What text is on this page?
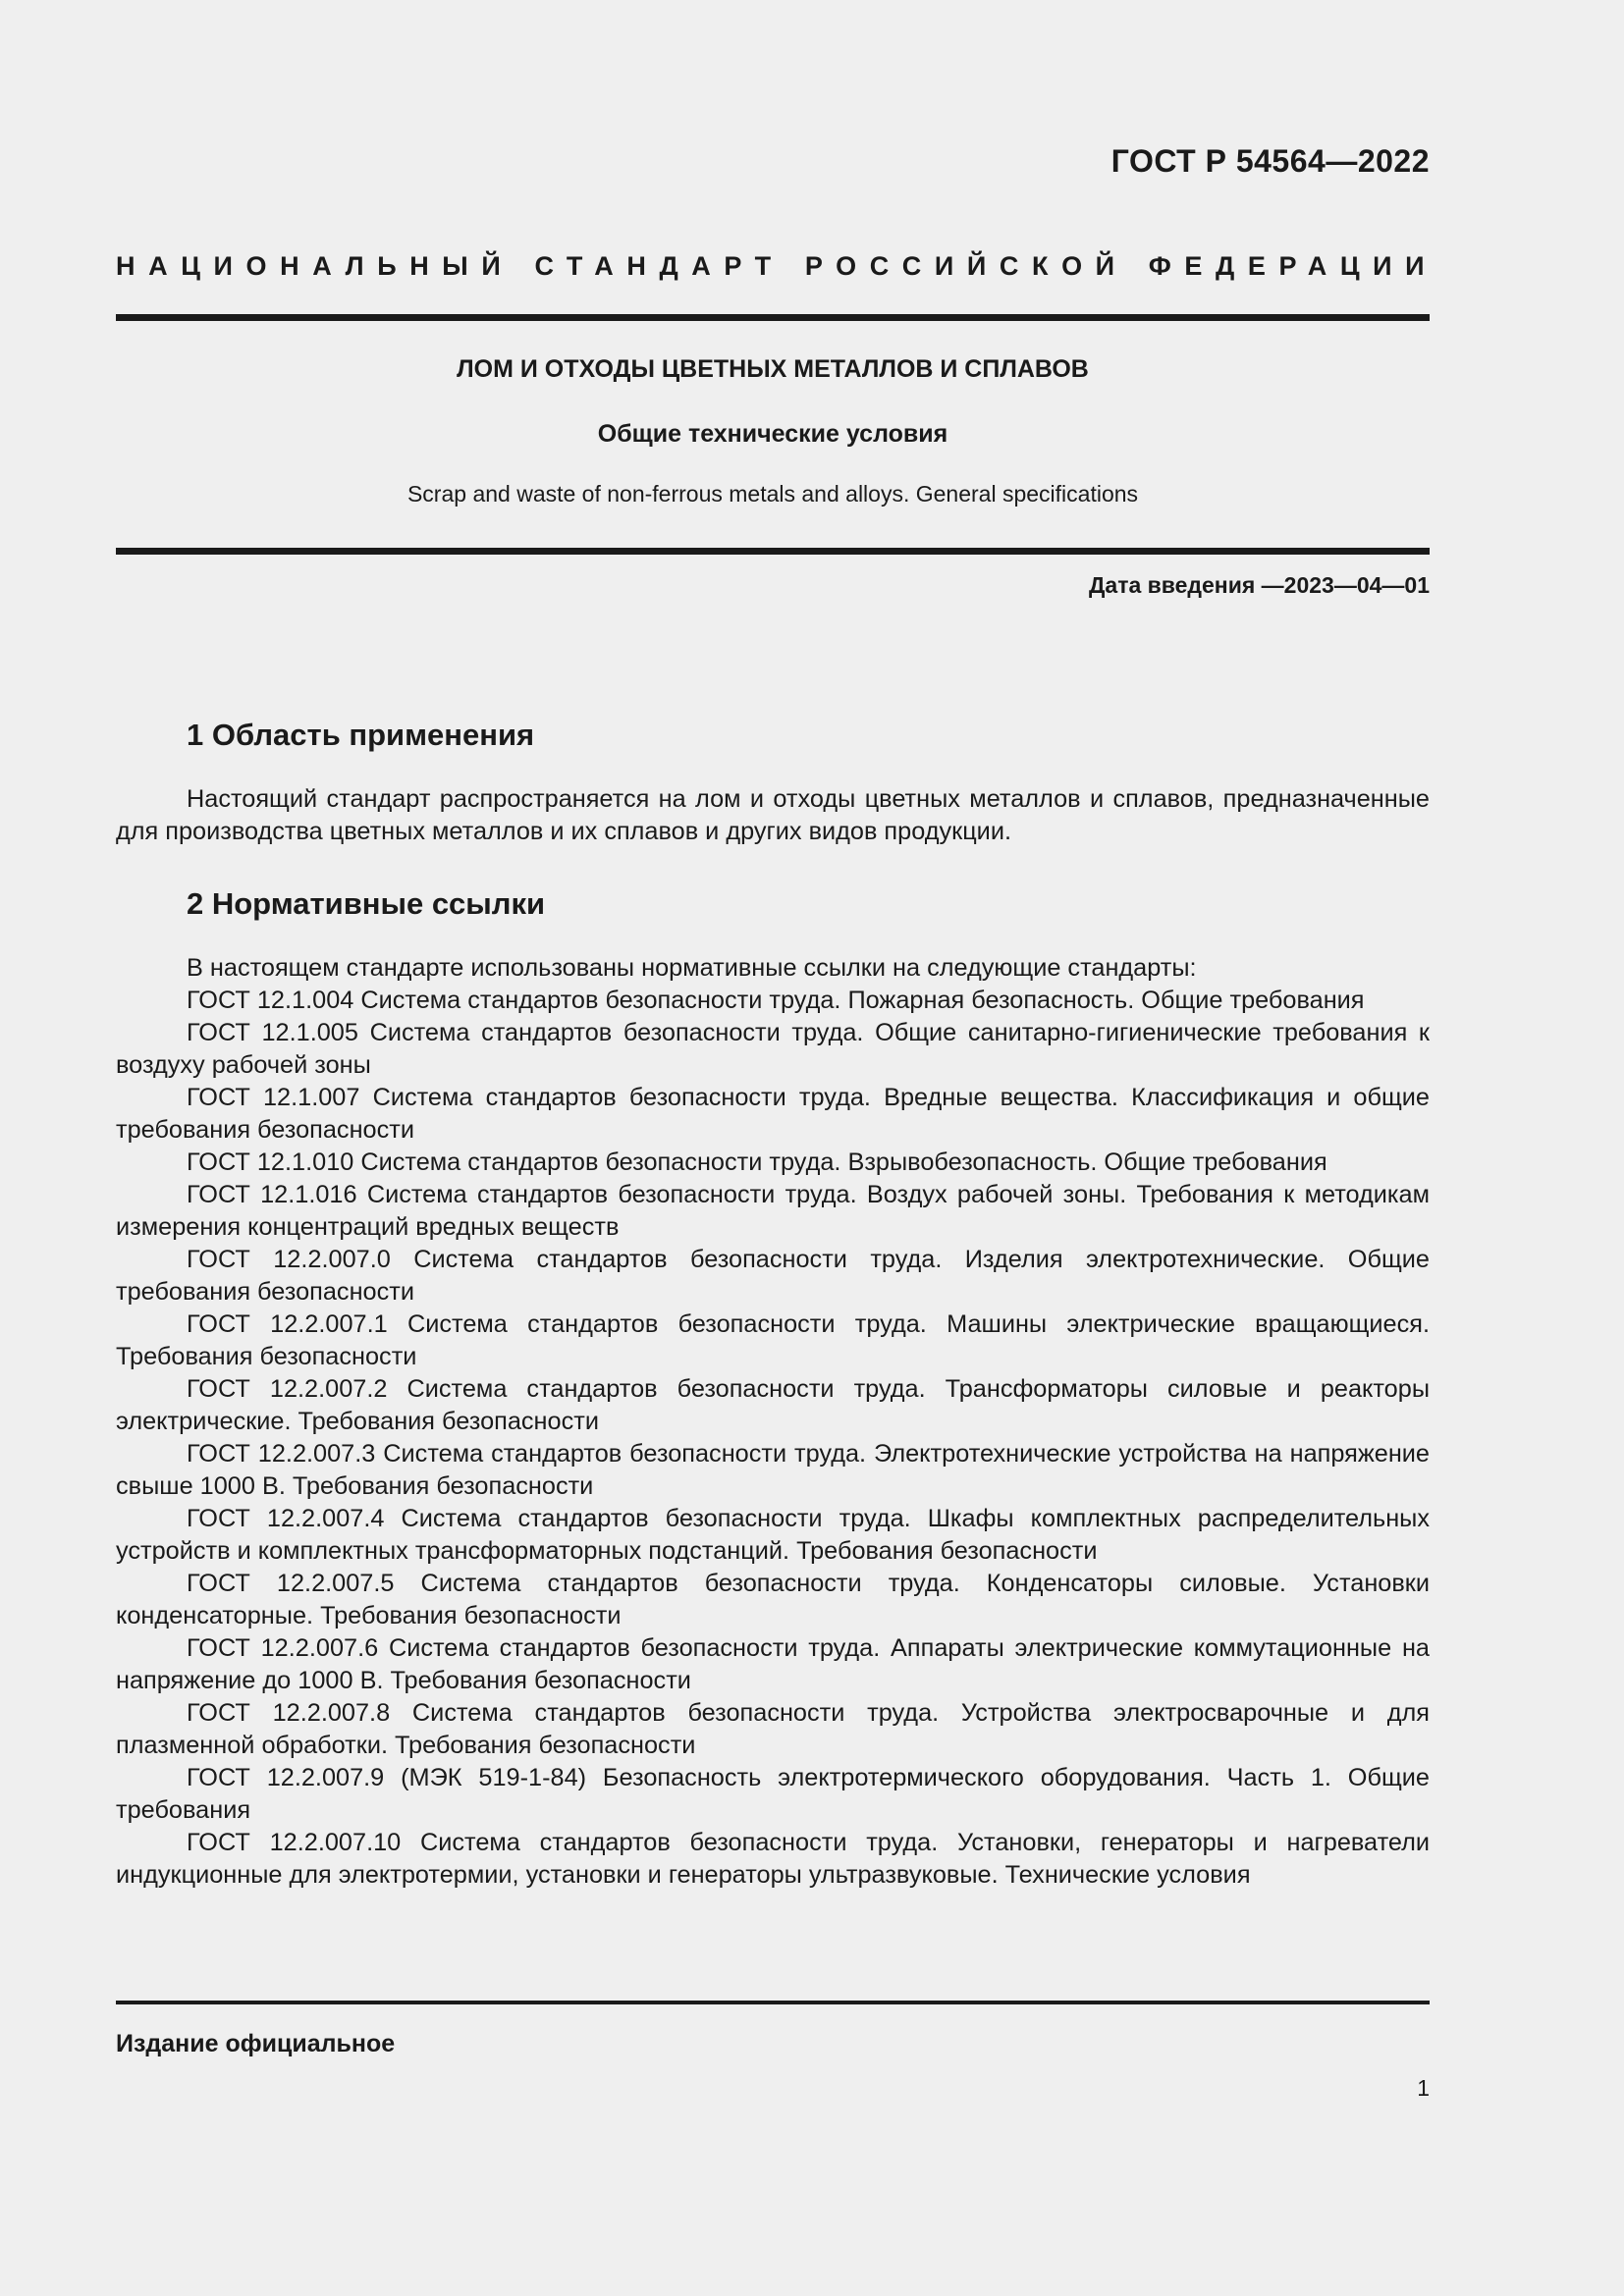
ГОСТ Р 54564—2022

НАЦИОНАЛЬНЫЙ СТАНДАРТ РОССИЙСКОЙ ФЕДЕРАЦИИ

ЛОМ И ОТХОДЫ ЦВЕТНЫХ МЕТАЛЛОВ И СПЛАВОВ

Общие технические условия

Scrap and waste of non-ferrous metals and alloys. General specifications

Дата введения —2023—04—01

1 Область применения

Настоящий стандарт распространяется на лом и отходы цветных металлов и сплавов, предназначенные для производства цветных металлов и их сплавов и других видов продукции.

2 Нормативные ссылки

В настоящем стандарте использованы нормативные ссылки на следующие стандарты:

ГОСТ 12.1.004 Система стандартов безопасности труда. Пожарная безопасность. Общие требования

ГОСТ 12.1.005 Система стандартов безопасности труда. Общие санитарно-гигиенические требования к воздуху рабочей зоны

ГОСТ 12.1.007 Система стандартов безопасности труда. Вредные вещества. Классификация и общие требования безопасности

ГОСТ 12.1.010 Система стандартов безопасности труда. Взрывобезопасность. Общие требования

ГОСТ 12.1.016 Система стандартов безопасности труда. Воздух рабочей зоны. Требования к методикам измерения концентраций вредных веществ

ГОСТ 12.2.007.0 Система стандартов безопасности труда. Изделия электротехнические. Общие требования безопасности

ГОСТ 12.2.007.1 Система стандартов безопасности труда. Машины электрические вращающиеся. Требования безопасности

ГОСТ 12.2.007.2 Система стандартов безопасности труда. Трансформаторы силовые и реакторы электрические. Требования безопасности

ГОСТ 12.2.007.3 Система стандартов безопасности труда. Электротехнические устройства на напряжение свыше 1000 В. Требования безопасности

ГОСТ 12.2.007.4 Система стандартов безопасности труда. Шкафы комплектных распределительных устройств и комплектных трансформаторных подстанций. Требования безопасности

ГОСТ 12.2.007.5 Система стандартов безопасности труда. Конденсаторы силовые. Установки конденсаторные. Требования безопасности

ГОСТ 12.2.007.6 Система стандартов безопасности труда. Аппараты электрические коммутационные на напряжение до 1000 В. Требования безопасности

ГОСТ 12.2.007.8 Система стандартов безопасности труда. Устройства электросварочные и для плазменной обработки. Требования безопасности

ГОСТ 12.2.007.9 (МЭК 519-1-84) Безопасность электротермического оборудования. Часть 1. Общие требования

ГОСТ 12.2.007.10 Система стандартов безопасности труда. Установки, генераторы и нагреватели индукционные для электротермии, установки и генераторы ультразвуковые. Технические условия

Издание официальное

1
